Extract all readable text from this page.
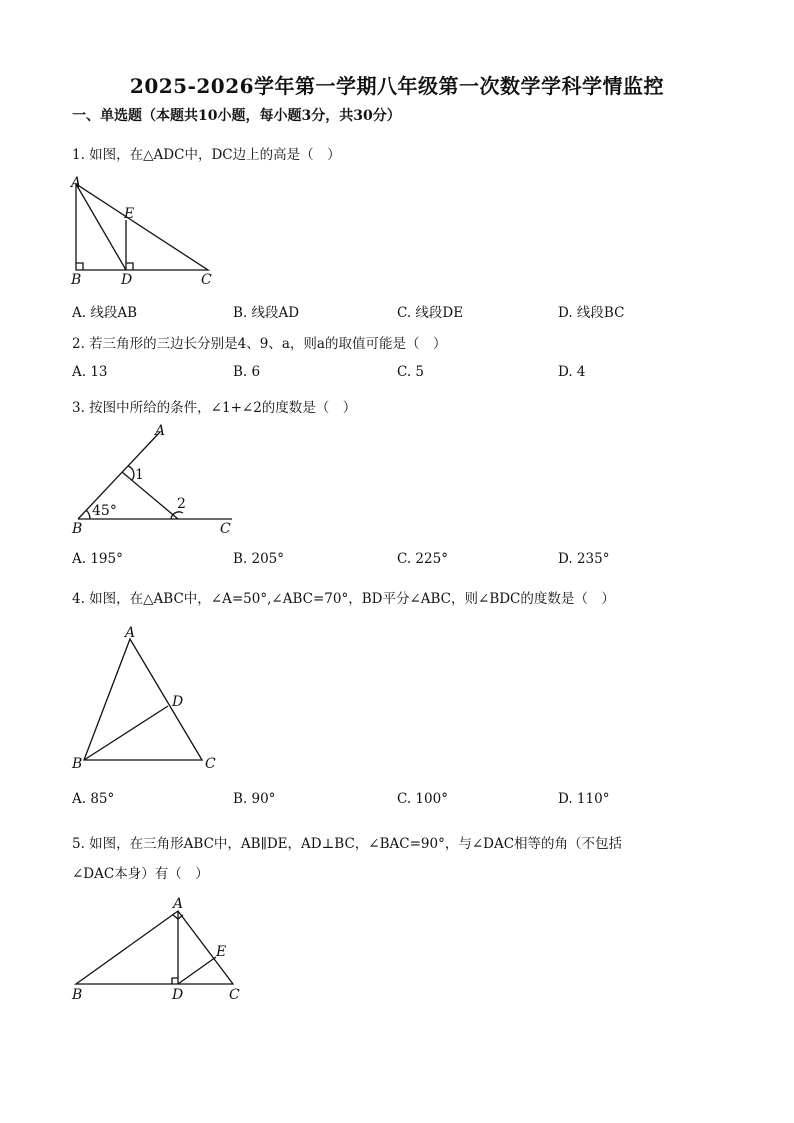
2025-2026学年第一学期八年级第一次数学学科学情监控
一、单选题（本题共10小题，每小题3分，共30分）
1. 如图，在△ADC中，DC边上的高是（　）
A
E
B	D	C
A. 线段AB	B. 线段AD	C. 线段DE	D. 线段BC
2. 若三角形的三边长分别是4、9、a，则a的取值可能是（　）
A. 13	B. 6	C. 5	D. 4
3. 按图中所给的条件，∠1+∠2的度数是（　）
A
1
2
45°
B	C
A. 195°	B. 205°	C. 225°	D. 235°
4. 如图，在△ABC中，∠A=50°,∠ABC=70°，BD平分∠ABC，则∠BDC的度数是（　）
A
D
B	C
A. 85°	B. 90°	C. 100°	D. 110°
5. 如图，在三角形ABC中，AB∥DE，AD⊥BC，∠BAC=90°，与∠DAC相等的角（不包括
∠DAC本身）有（　）
A
E
B	D	C
